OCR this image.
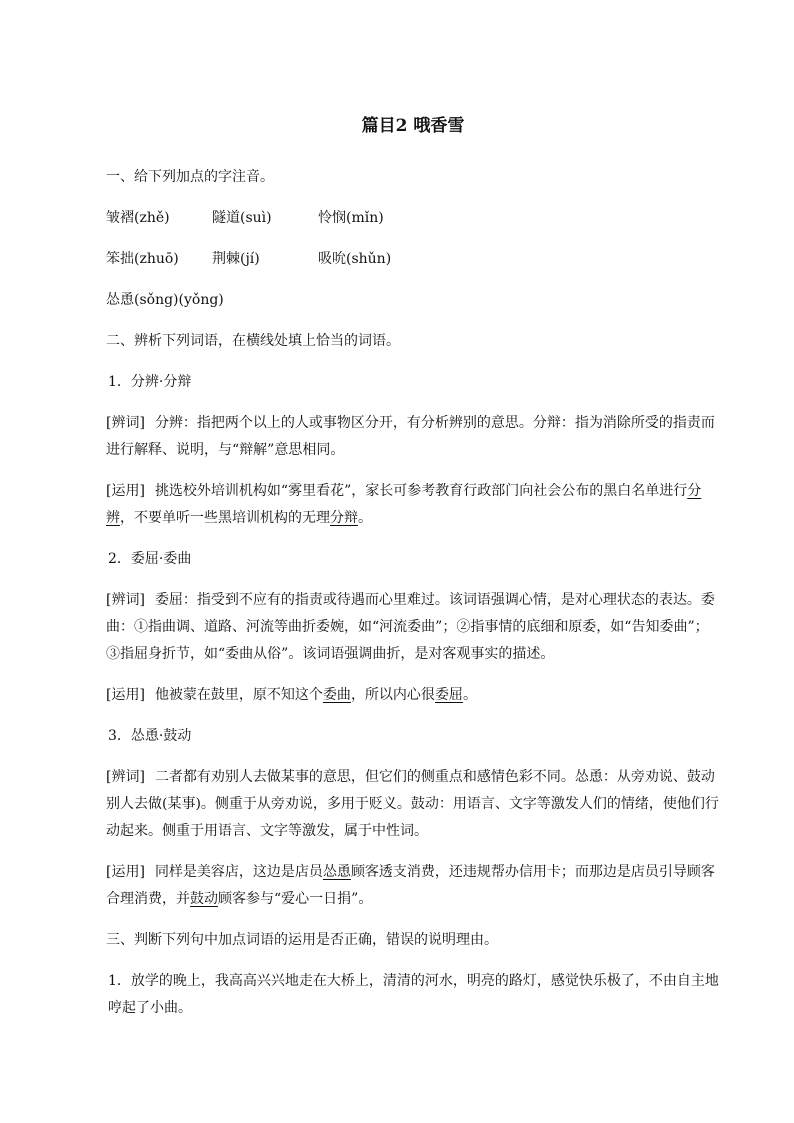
篇目2 哦香雪

一、给下列加点的字注音。

皱褶(zhě)	隧道(suì)	怜悯(mǐn)
笨拙(zhuō)	荆棘(jí)	吸吮(shǔn)

怂恿(sǒng)(yǒng)

二、辨析下列词语，在横线处填上恰当的词语。

1．分辨·分辩

[辨词] 分辨：指把两个以上的人或事物区分开，有分析辨别的意思。分辩：指为消除所受的指责而进行解释、说明，与“辩解”意思相同。

[运用] 挑选校外培训机构如“雾里看花”，家长可参考教育行政部门向社会公布的黑白名单进行分辨，不要单听一些黑培训机构的无理分辩。

2．委屈·委曲

[辨词] 委屈：指受到不应有的指责或待遇而心里难过。该词语强调心情，是对心理状态的表达。委曲：①指曲调、道路、河流等曲折委婉，如“河流委曲”；②指事情的底细和原委，如“告知委曲”；③指屈身折节，如“委曲从俗”。该词语强调曲折，是对客观事实的描述。

[运用] 他被蒙在鼓里，原不知这个委曲，所以内心很委屈。

3．怂恿·鼓动

[辨词] 二者都有劝别人去做某事的意思，但它们的侧重点和感情色彩不同。怂恿：从旁劝说、鼓动别人去做(某事)。侧重于从旁劝说，多用于贬义。鼓动：用语言、文字等激发人们的情绪，使他们行动起来。侧重于用语言、文字等激发，属于中性词。

[运用] 同样是美容店，这边是店员怂恿顾客透支消费，还违规帮办信用卡；而那边是店员引导顾客合理消费，并鼓动顾客参与“爱心一日捐”。

三、判断下列句中加点词语的运用是否正确，错误的说明理由。

1．放学的晚上，我高高兴兴地走在大桥上，清清的河水，明亮的路灯，感觉快乐极了，不由自主地哼起了小曲。
